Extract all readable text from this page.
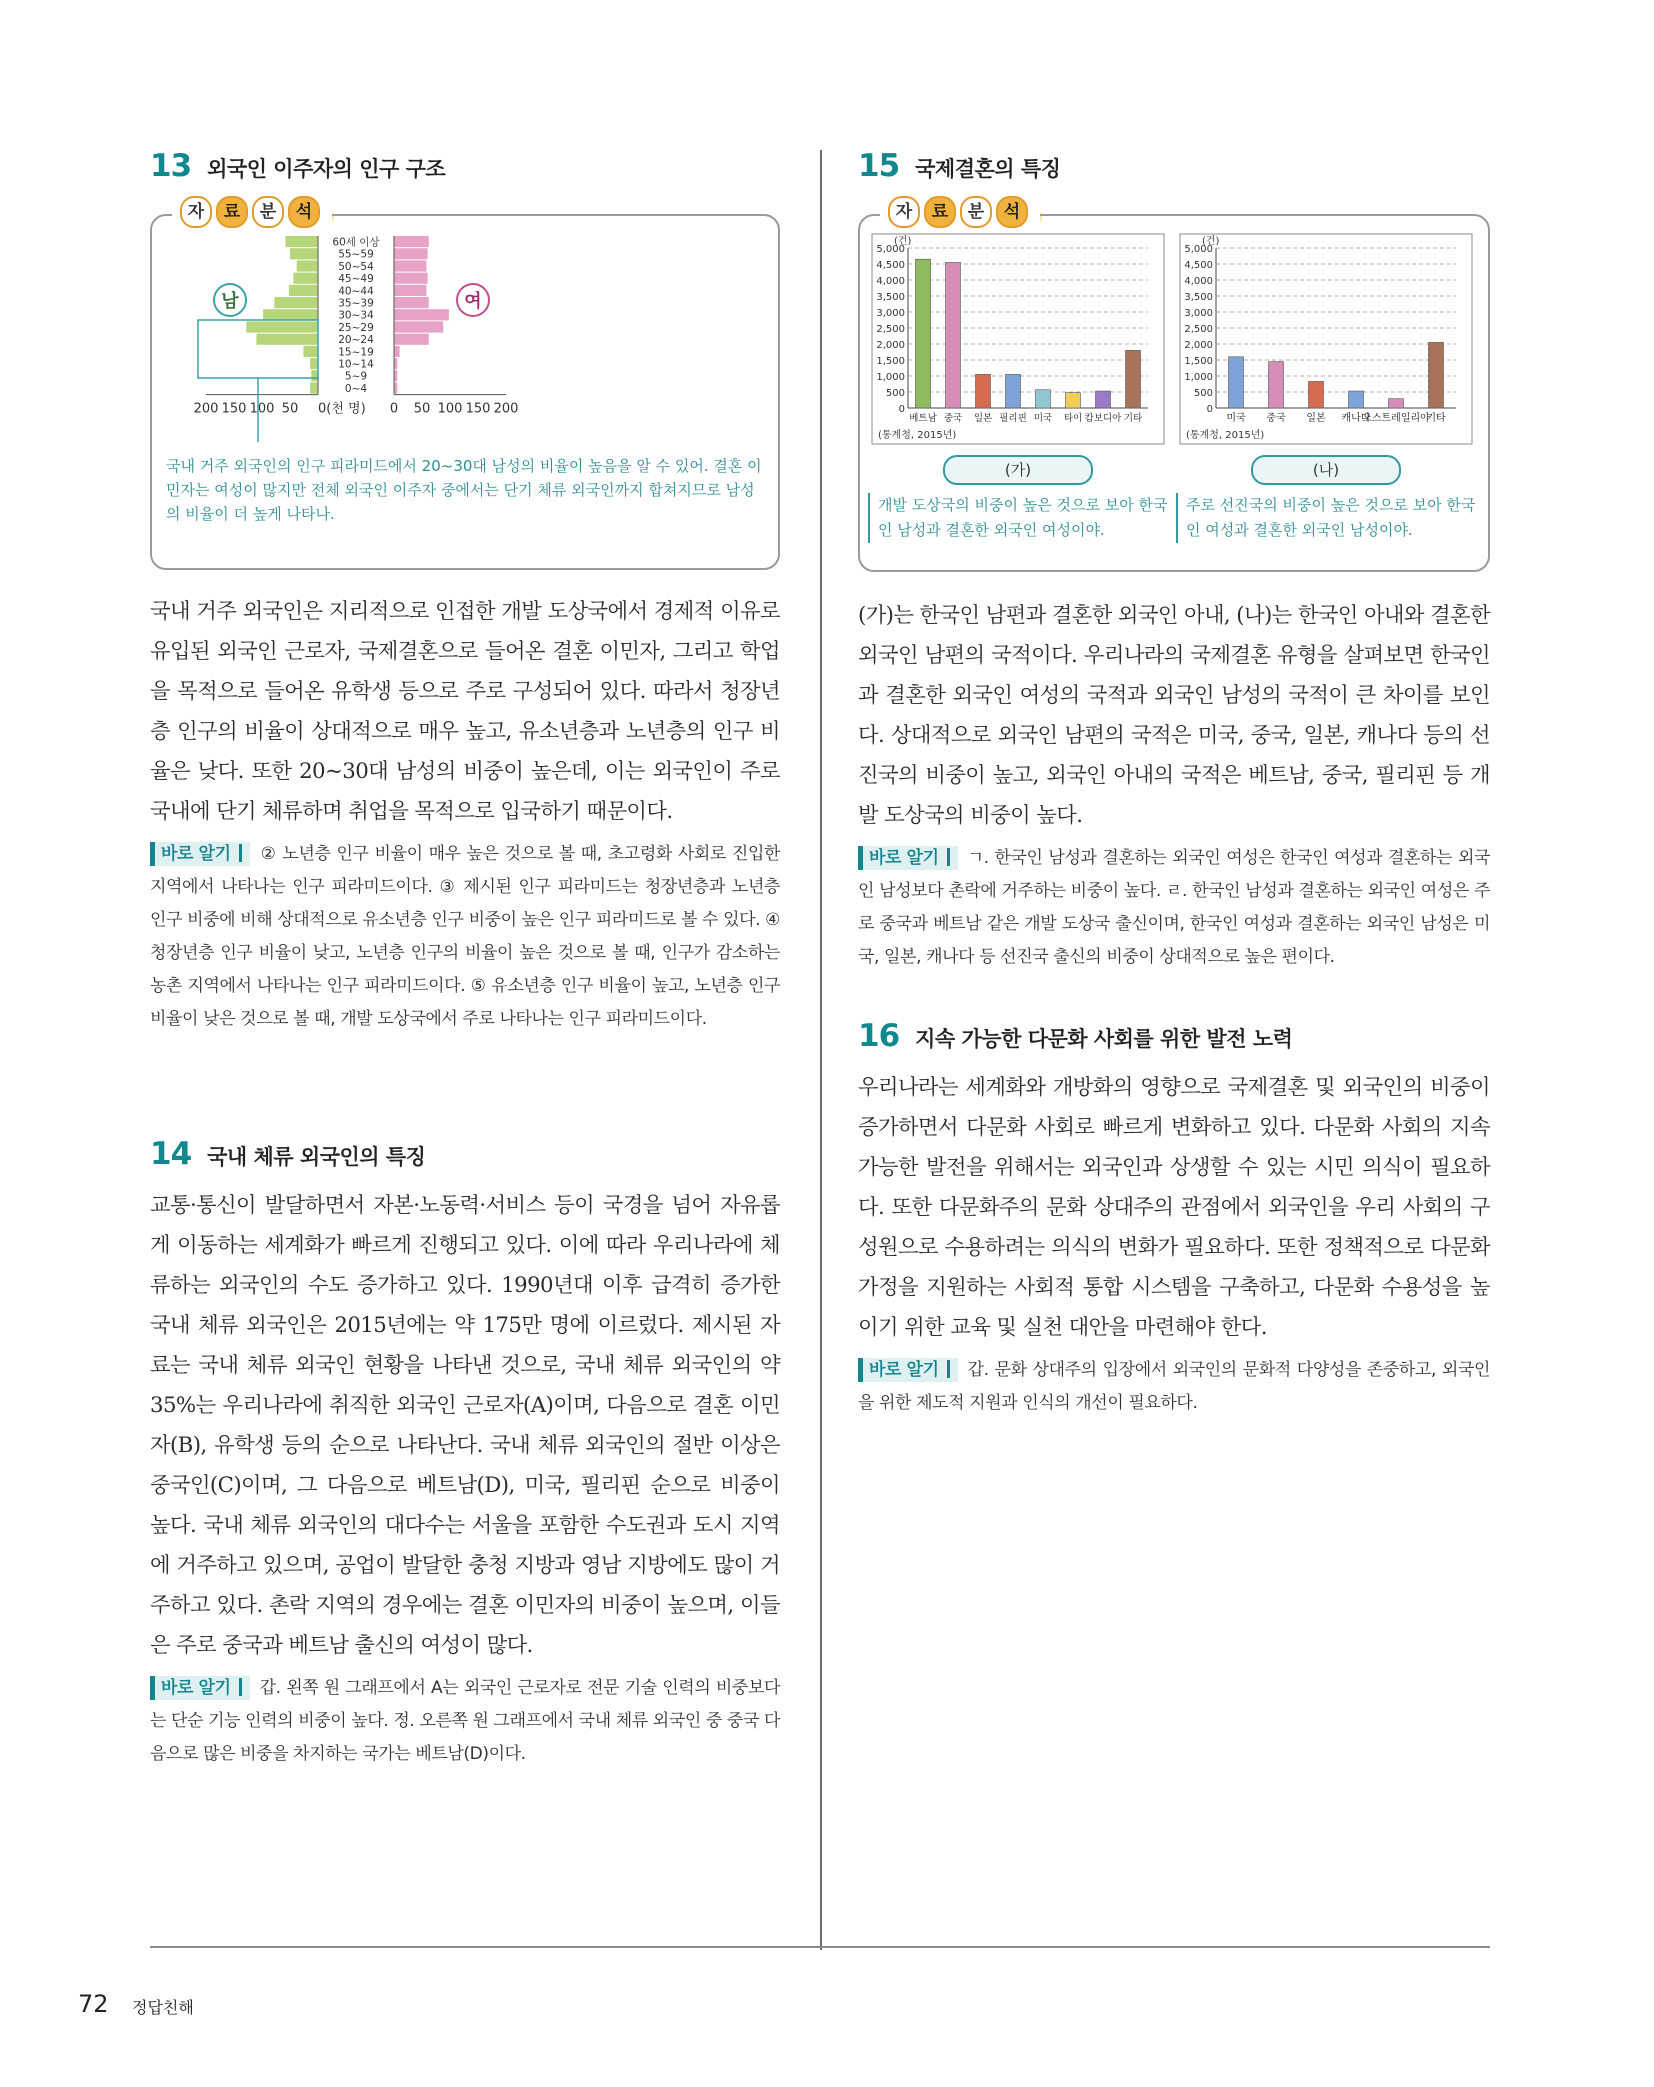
13 외국인 이주자의 인구 구조
자	료	분	석
60세 이상
55~59
50~54
45~49
40~44
35~39
30~34
25~29
20~24
15~19
10~14
5~9
0~4
200 150 100 50 0(천 명) 0 50 100 150 200
남	여
국내 거주 외국인의 인구 피라미드에서 20~30대 남성의 비율이 높음을 알 수 있어. 결혼 이민자는 여성이 많지만 전체 외국인 이주자 중에서는 단기 체류 외국인까지 합쳐지므로 남성의 비율이 더 높게 나타나.

국내 거주 외국인은 지리적으로 인접한 개발 도상국에서 경제적 이유로 유입된 외국인 근로자, 국제결혼으로 들어온 결혼 이민자, 그리고 학업을 목적으로 들어온 유학생 등으로 주로 구성되어 있다. 따라서 청장년층 인구의 비율이 상대적으로 매우 높고, 유소년층과 노년층의 인구 비율은 낮다. 또한 20~30대 남성의 비중이 높은데, 이는 외국인이 주로 국내에 단기 체류하며 취업을 목적으로 입국하기 때문이다.

바로 알기 ② 노년층 인구 비율이 매우 높은 것으로 볼 때, 초고령화 사회로 진입한 지역에서 나타나는 인구 피라미드이다. ③ 제시된 인구 피라미드는 청장년층과 노년층 인구 비중에 비해 상대적으로 유소년층 인구 비중이 높은 인구 피라미드로 볼 수 있다. ④ 청장년층 인구 비율이 낮고, 노년층 인구의 비율이 높은 것으로 볼 때, 인구가 감소하는 농촌 지역에서 나타나는 인구 피라미드이다. ⑤ 유소년층 인구 비율이 높고, 노년층 인구 비율이 낮은 것으로 볼 때, 개발 도상국에서 주로 나타나는 인구 피라미드이다.

14 국내 체류 외국인의 특징

교통·통신이 발달하면서 자본·노동력·서비스 등이 국경을 넘어 자유롭게 이동하는 세계화가 빠르게 진행되고 있다. 이에 따라 우리나라에 체류하는 외국인의 수도 증가하고 있다. 1990년대 이후 급격히 증가한 국내 체류 외국인은 2015년에는 약 175만 명에 이르렀다. 제시된 자료는 국내 체류 외국인 현황을 나타낸 것으로, 국내 체류 외국인의 약 35%는 우리나라에 취직한 외국인 근로자(A)이며, 다음으로 결혼 이민자(B), 유학생 등의 순으로 나타난다. 국내 체류 외국인의 절반 이상은 중국인(C)이며, 그 다음으로 베트남(D), 미국, 필리핀 순으로 비중이 높다. 국내 체류 외국인의 대다수는 서울을 포함한 수도권과 도시 지역에 거주하고 있으며, 공업이 발달한 충청 지방과 영남 지방에도 많이 거주하고 있다. 촌락 지역의 경우에는 결혼 이민자의 비중이 높으며, 이들은 주로 중국과 베트남 출신의 여성이 많다.

바로 알기 갑. 왼쪽 원 그래프에서 A는 외국인 근로자로 전문 기술 인력의 비중보다는 단순 기능 인력의 비중이 높다. 정. 오른쪽 원 그래프에서 국내 체류 외국인 중 중국 다음으로 많은 비중을 차지하는 국가는 베트남(D)이다.

15 국제결혼의 특징
자	료	분	석
(건)
5,000
4,500
4,000
3,500
3,000
2,500
2,000
1,500
1,000
500
0
베트남 중국 일본 필리핀 미국 타이 캄보디아 기타
(통계청, 2015년)
(가)
개발 도상국의 비중이 높은 것으로 보아 한국인 남성과 결혼한 외국인 여성이야.
(건)
5,000
4,500
4,000
3,500
3,000
2,500
2,000
1,500
1,000
500
0
미국 중국 일본 캐나다
오스트레일리아
기타
(통계청, 2015년)
(나)
주로 선진국의 비중이 높은 것으로 보아 한국인 여성과 결혼한 외국인 남성이야.

(가)는 한국인 남편과 결혼한 외국인 아내, (나)는 한국인 아내와 결혼한 외국인 남편의 국적이다. 우리나라의 국제결혼 유형을 살펴보면 한국인과 결혼한 외국인 여성의 국적과 외국인 남성의 국적이 큰 차이를 보인다. 상대적으로 외국인 남편의 국적은 미국, 중국, 일본, 캐나다 등의 선진국의 비중이 높고, 외국인 아내의 국적은 베트남, 중국, 필리핀 등 개발 도상국의 비중이 높다.

바로 알기 ㄱ. 한국인 남성과 결혼하는 외국인 여성은 한국인 여성과 결혼하는 외국인 남성보다 촌락에 거주하는 비중이 높다. ㄹ. 한국인 남성과 결혼하는 외국인 여성은 주로 중국과 베트남 같은 개발 도상국 출신이며, 한국인 여성과 결혼하는 외국인 남성은 미국, 일본, 캐나다 등 선진국 출신의 비중이 상대적으로 높은 편이다.

16 지속 가능한 다문화 사회를 위한 발전 노력

우리나라는 세계화와 개방화의 영향으로 국제결혼 및 외국인의 비중이 증가하면서 다문화 사회로 빠르게 변화하고 있다. 다문화 사회의 지속 가능한 발전을 위해서는 외국인과 상생할 수 있는 시민 의식이 필요하다. 또한 다문화주의 문화 상대주의 관점에서 외국인을 우리 사회의 구성원으로 수용하려는 의식의 변화가 필요하다. 또한 정책적으로 다문화 가정을 지원하는 사회적 통합 시스템을 구축하고, 다문화 수용성을 높이기 위한 교육 및 실천 대안을 마련해야 한다.

바로 알기 갑. 문화 상대주의 입장에서 외국인의 문화적 다양성을 존중하고, 외국인을 위한 제도적 지원과 인식의 개선이 필요하다.

72 정답친해
